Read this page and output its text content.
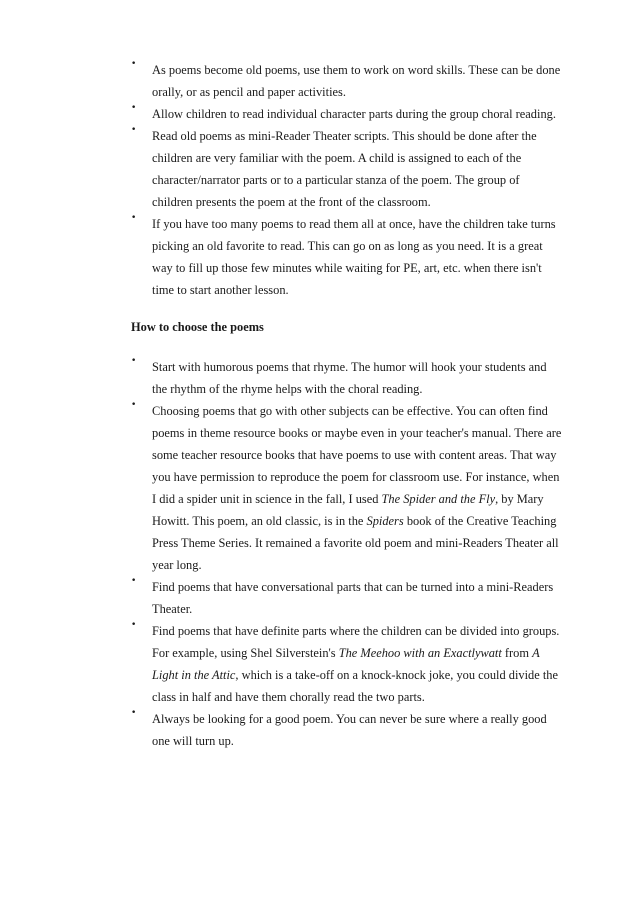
• As poems become old poems, use them to work on word skills. These can be done
orally, or as pencil and paper activities.
• Allow children to read individual character parts during the group choral reading.
• Read old poems as mini-Reader Theater scripts. This should be done after the
children are very familiar with the poem. A child is assigned to each of the
character/narrator parts or to a particular stanza of the poem. The group of
children presents the poem at the front of the classroom.
• If you have too many poems to read them all at once, have the children take turns
picking an old favorite to read. This can go on as long as you need. It is a great
way to fill up those few minutes while waiting for PE, art, etc. when there isn't
time to start another lesson.
How to choose the poems
• Start with humorous poems that rhyme. The humor will hook your students and
the rhythm of the rhyme helps with the choral reading.
• Choosing poems that go with other subjects can be effective. You can often find
poems in theme resource books or maybe even in your teacher's manual. There are
some teacher resource books that have poems to use with content areas. That way
you have permission to reproduce the poem for classroom use. For instance, when
I did a spider unit in science in the fall, I used The Spider and the Fly, by Mary
Howitt. This poem, an old classic, is in the Spiders book of the Creative Teaching
Press Theme Series. It remained a favorite old poem and mini-Readers Theater all
year long.
• Find poems that have conversational parts that can be turned into a mini-Readers
Theater.
• Find poems that have definite parts where the children can be divided into groups.
For example, using Shel Silverstein's The Meehoo with an Exactlywatt from A
Light in the Attic, which is a take-off on a knock-knock joke, you could divide the
class in half and have them chorally read the two parts.
• Always be looking for a good poem. You can never be sure where a really good
one will turn up.
